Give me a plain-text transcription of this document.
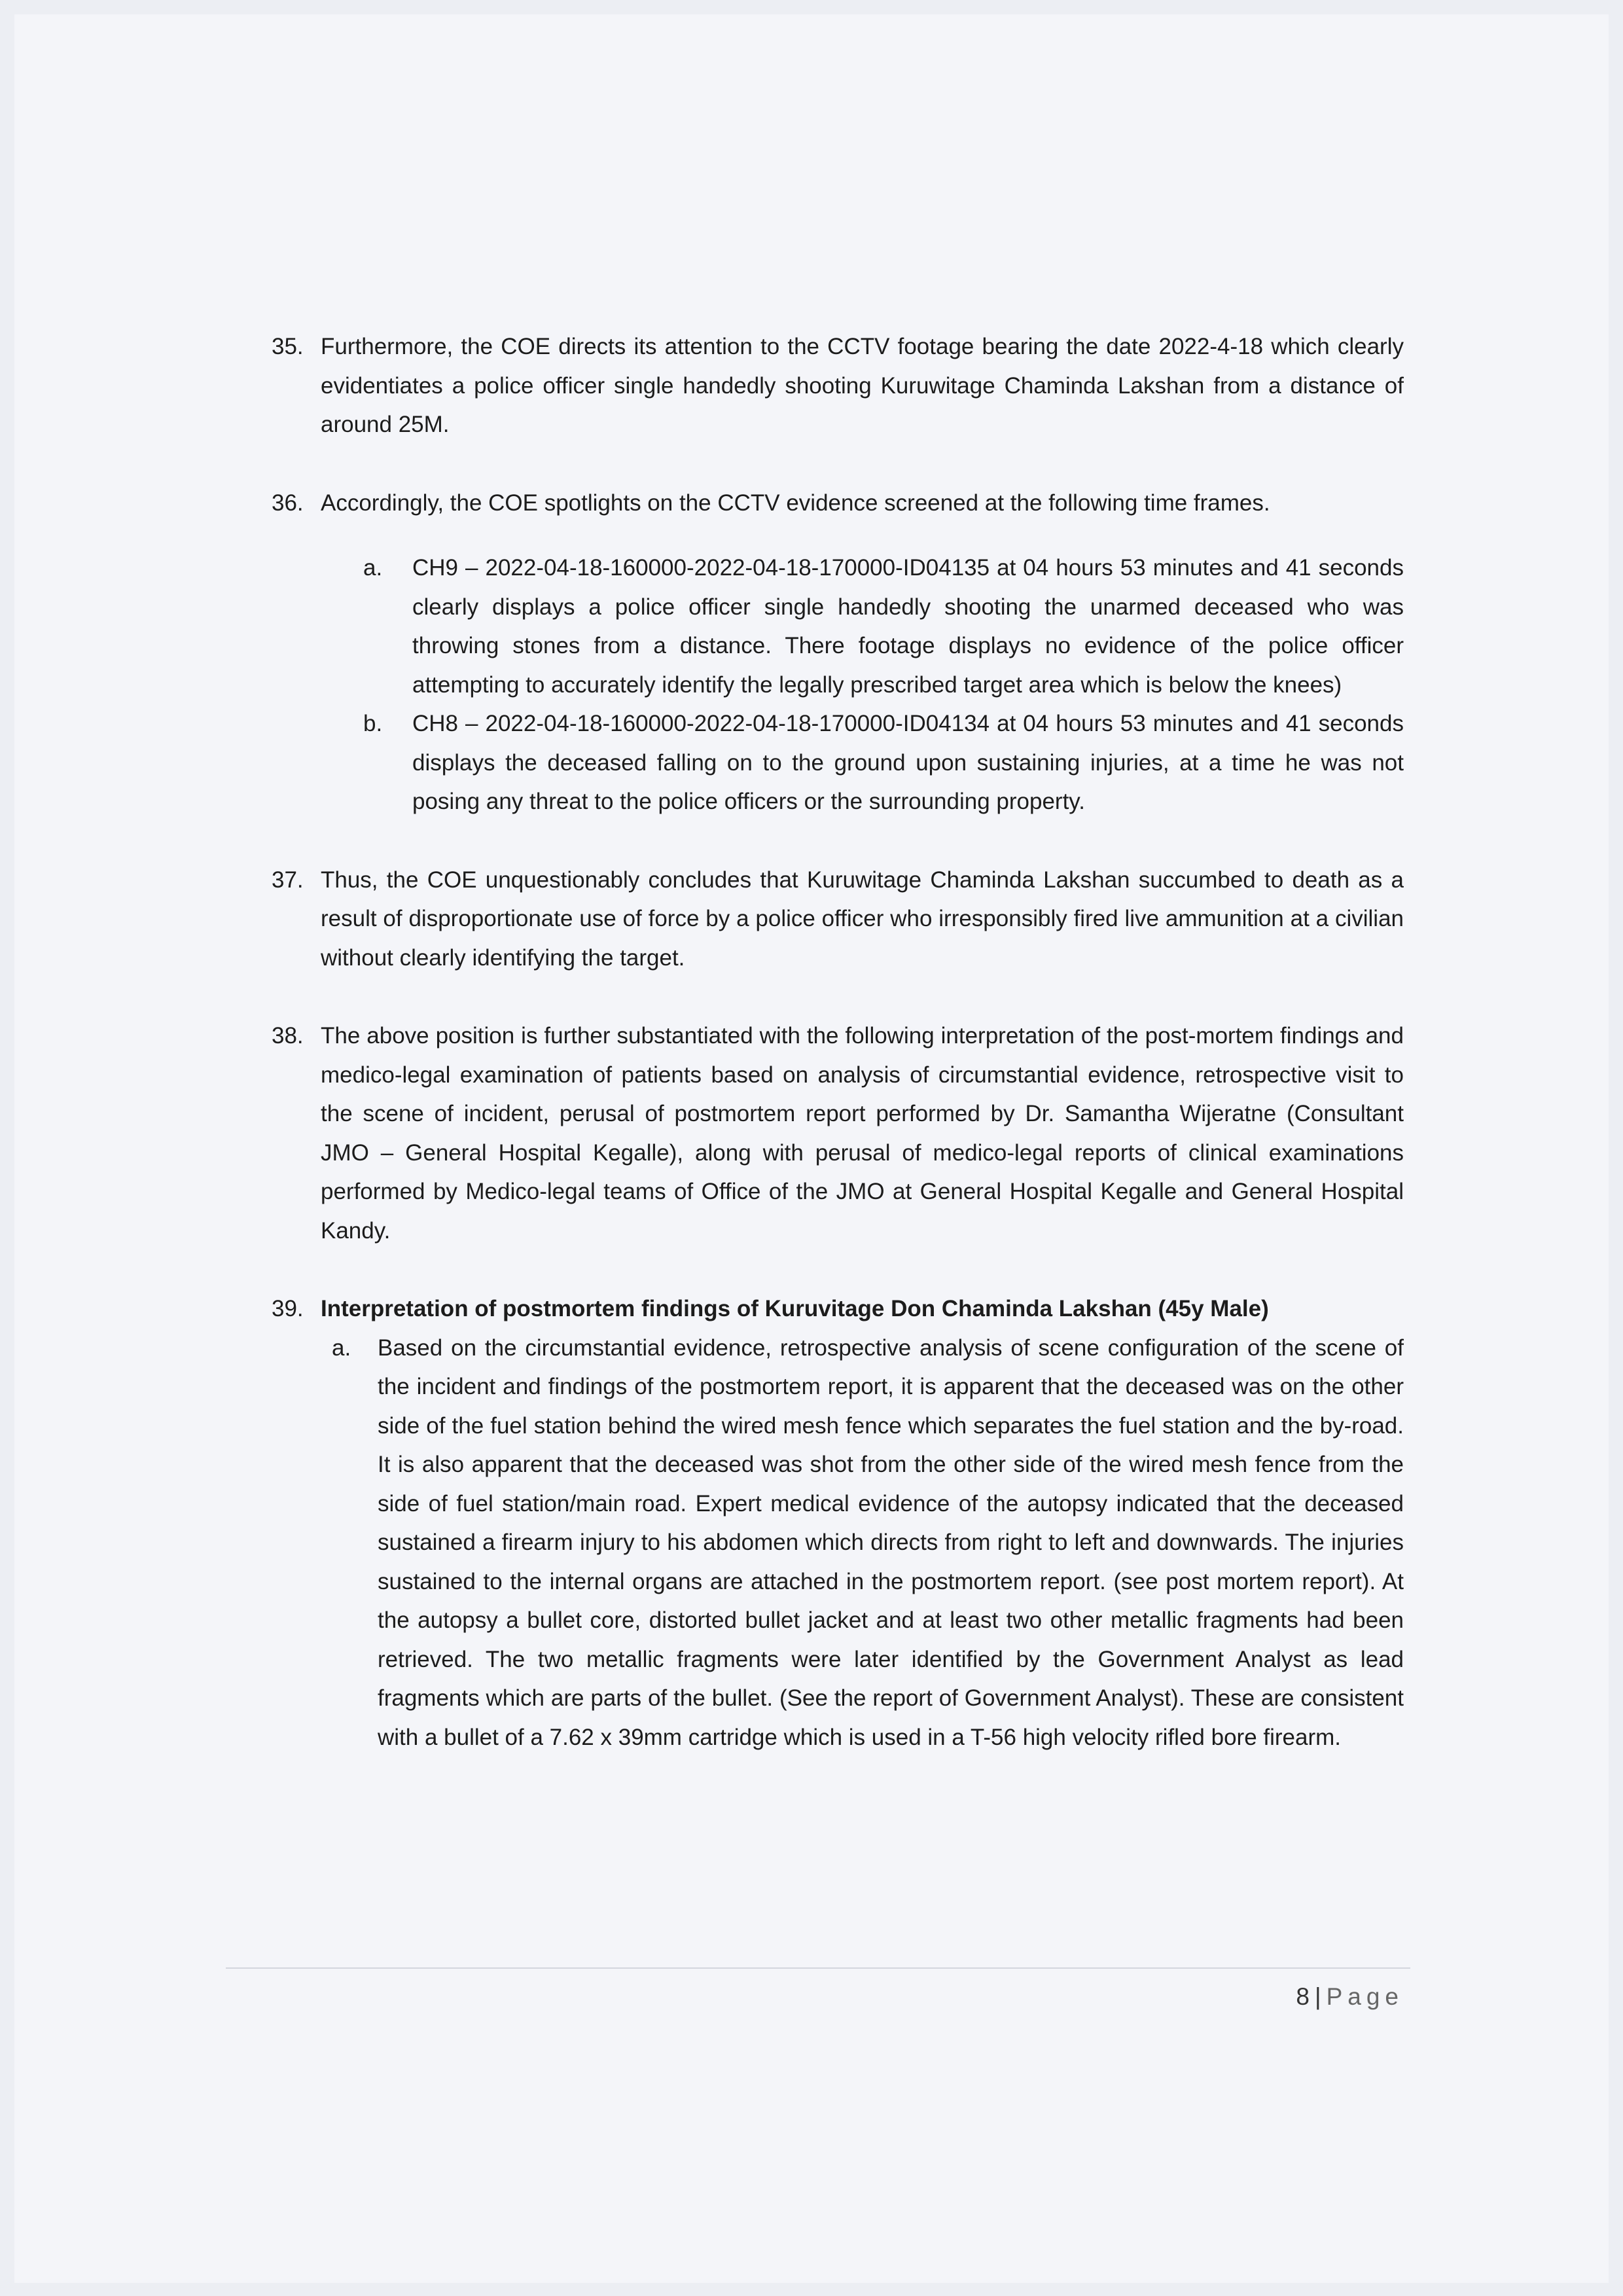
35. Furthermore, the COE directs its attention to the CCTV footage bearing the date 2022-4-18 which clearly evidentiates a police officer single handedly shooting Kuruwitage Chaminda Lakshan from a distance of around 25M.
36. Accordingly, the COE spotlights on the CCTV evidence screened at the following time frames.
a. CH9 – 2022-04-18-160000-2022-04-18-170000-ID04135 at 04 hours 53 minutes and 41 seconds clearly displays a police officer single handedly shooting the unarmed deceased who was throwing stones from a distance. There footage displays no evidence of the police officer attempting to accurately identify the legally prescribed target area which is below the knees)
b. CH8 – 2022-04-18-160000-2022-04-18-170000-ID04134 at 04 hours 53 minutes and 41 seconds displays the deceased falling on to the ground upon sustaining injuries, at a time he was not posing any threat to the police officers or the surrounding property.
37. Thus, the COE unquestionably concludes that Kuruwitage Chaminda Lakshan succumbed to death as a result of disproportionate use of force by a police officer who irresponsibly fired live ammunition at a civilian without clearly identifying the target.
38. The above position is further substantiated with the following interpretation of the post-mortem findings and medico-legal examination of patients based on analysis of circumstantial evidence, retrospective visit to the scene of incident, perusal of postmortem report performed by Dr. Samantha Wijeratne (Consultant JMO – General Hospital Kegalle), along with perusal of medico-legal reports of clinical examinations performed by Medico-legal teams of Office of the JMO at General Hospital Kegalle and General Hospital Kandy.
39. Interpretation of postmortem findings of Kuruvitage Don Chaminda Lakshan (45y Male)
a. Based on the circumstantial evidence, retrospective analysis of scene configuration of the scene of the incident and findings of the postmortem report, it is apparent that the deceased was on the other side of the fuel station behind the wired mesh fence which separates the fuel station and the by-road. It is also apparent that the deceased was shot from the other side of the wired mesh fence from the side of fuel station/main road. Expert medical evidence of the autopsy indicated that the deceased sustained a firearm injury to his abdomen which directs from right to left and downwards. The injuries sustained to the internal organs are attached in the postmortem report. (see post mortem report). At the autopsy a bullet core, distorted bullet jacket and at least two other metallic fragments had been retrieved. The two metallic fragments were later identified by the Government Analyst as lead fragments which are parts of the bullet. (See the report of Government Analyst). These are consistent with a bullet of a 7.62 x 39mm cartridge which is used in a T-56 high velocity rifled bore firearm.
8 | Page
